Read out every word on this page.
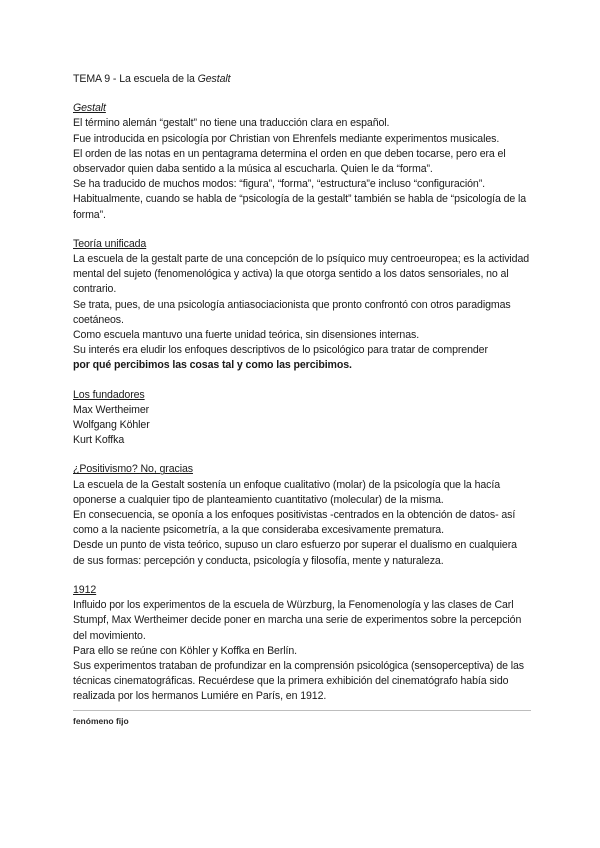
TEMA 9 - La escuela de la Gestalt

Gestalt

El término alemán “gestalt” no tiene una traducción clara en español.

Fue introducida en psicología por Christian von Ehrenfels mediante experimentos musicales.

El orden de las notas en un pentagrama determina el orden en que deben tocarse, pero era el observador quien daba sentido a la música al escucharla. Quien le da “forma”.

Se ha traducido de muchos modos: “figura”, “forma”, “estructura”e incluso “configuración”. Habitualmente, cuando se habla de “psicología de la gestalt” también se habla de “psicología de la forma”.

Teoría unificada

La escuela de la gestalt parte de una concepción de lo psíquico muy centroeuropea; es la actividad mental del sujeto (fenomenológica y activa) la que otorga sentido a los datos sensoriales, no al contrario.

Se trata, pues, de una psicología antiasociacionista que pronto confrontó con otros paradigmas coetáneos.

Como escuela mantuvo una fuerte unidad teórica, sin disensiones internas.

Su interés era eludir los enfoques descriptivos de lo psicológico para tratar de comprender

por qué percibimos las cosas tal y como las percibimos.

Los fundadores

Max Wertheimer

Wolfgang Köhler

Kurt Koffka

¿Positivismo? No, gracias

La escuela de la Gestalt sostenía un enfoque cualitativo (molar) de la psicología que la hacía oponerse a cualquier tipo de planteamiento cuantitativo (molecular) de la misma.

En consecuencia, se oponía a los enfoques positivistas -centrados en la obtención de datos- así como a la naciente psicometría, a la que consideraba excesivamente prematura.

Desde un punto de vista teórico, supuso un claro esfuerzo por superar el dualismo en cualquiera de sus formas: percepción y conducta, psicología y filosofía, mente y naturaleza.

1912

Influido por los experimentos de la escuela de Würzburg, la Fenomenología y las clases de Carl Stumpf, Max Wertheimer decide poner en marcha una serie de experimentos sobre la percepción del movimiento.

Para ello se reúne con Köhler y Koffka en Berlín.

Sus experimentos trataban de profundizar en la comprensión psicológica (sensoperceptiva) de las técnicas cinematográficas. Recuérdese que la primera exhibición del cinematógrafo había sido realizada por los hermanos Lumiére en París, en 1912.

fenómeno fijo
